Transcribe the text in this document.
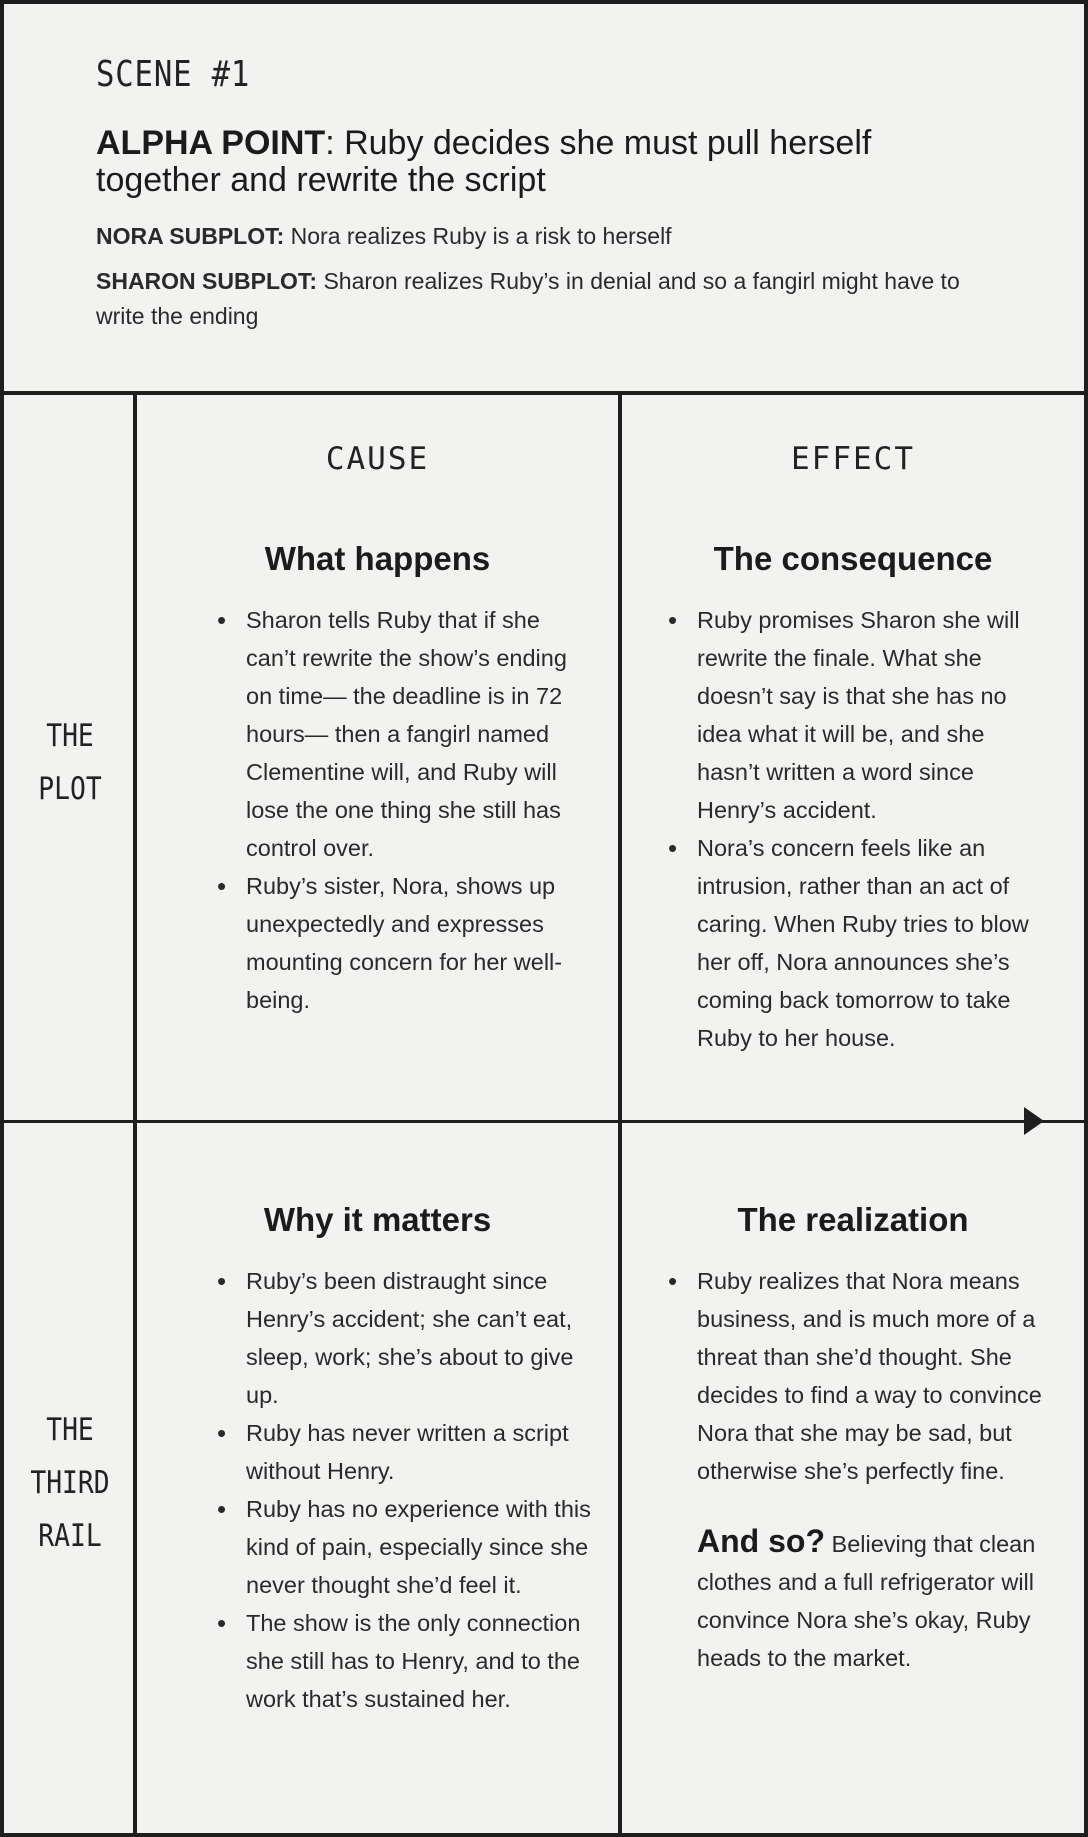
SCENE #1
ALPHA POINT: Ruby decides she must pull herself together and rewrite the script
NORA SUBPLOT: Nora realizes Ruby is a risk to herself
SHARON SUBPLOT: Sharon realizes Ruby’s in denial and so a fangirl might have to write the ending
CAUSE	EFFECT
THE
PLOT
THE
THIRD
RAIL
What happens
• Sharon tells Ruby that if she can’t rewrite the show’s ending on time— the deadline is in 72 hours— then a fangirl named Clementine will, and Ruby will lose the one thing she still has control over.
• Ruby’s sister, Nora, shows up unexpectedly and expresses mounting concern for her well-being.
The consequence
• Ruby promises Sharon she will rewrite the finale. What she doesn’t say is that she has no idea what it will be, and she hasn’t written a word since Henry’s accident.
• Nora’s concern feels like an intrusion, rather than an act of caring. When Ruby tries to blow her off, Nora announces she’s coming back tomorrow to take Ruby to her house.
Why it matters
• Ruby’s been distraught since Henry’s accident; she can’t eat, sleep, work; she’s about to give up.
• Ruby has never written a script without Henry.
• Ruby has no experience with this kind of pain, especially since she never thought she’d feel it.
• The show is the only connection she still has to Henry, and to the work that’s sustained her.
The realization
• Ruby realizes that Nora means business, and is much more of a threat than she’d thought. She decides to find a way to convince Nora that she may be sad, but otherwise she’s perfectly fine.
And so? Believing that clean clothes and a full refrigerator will convince Nora she’s okay, Ruby heads to the market.
